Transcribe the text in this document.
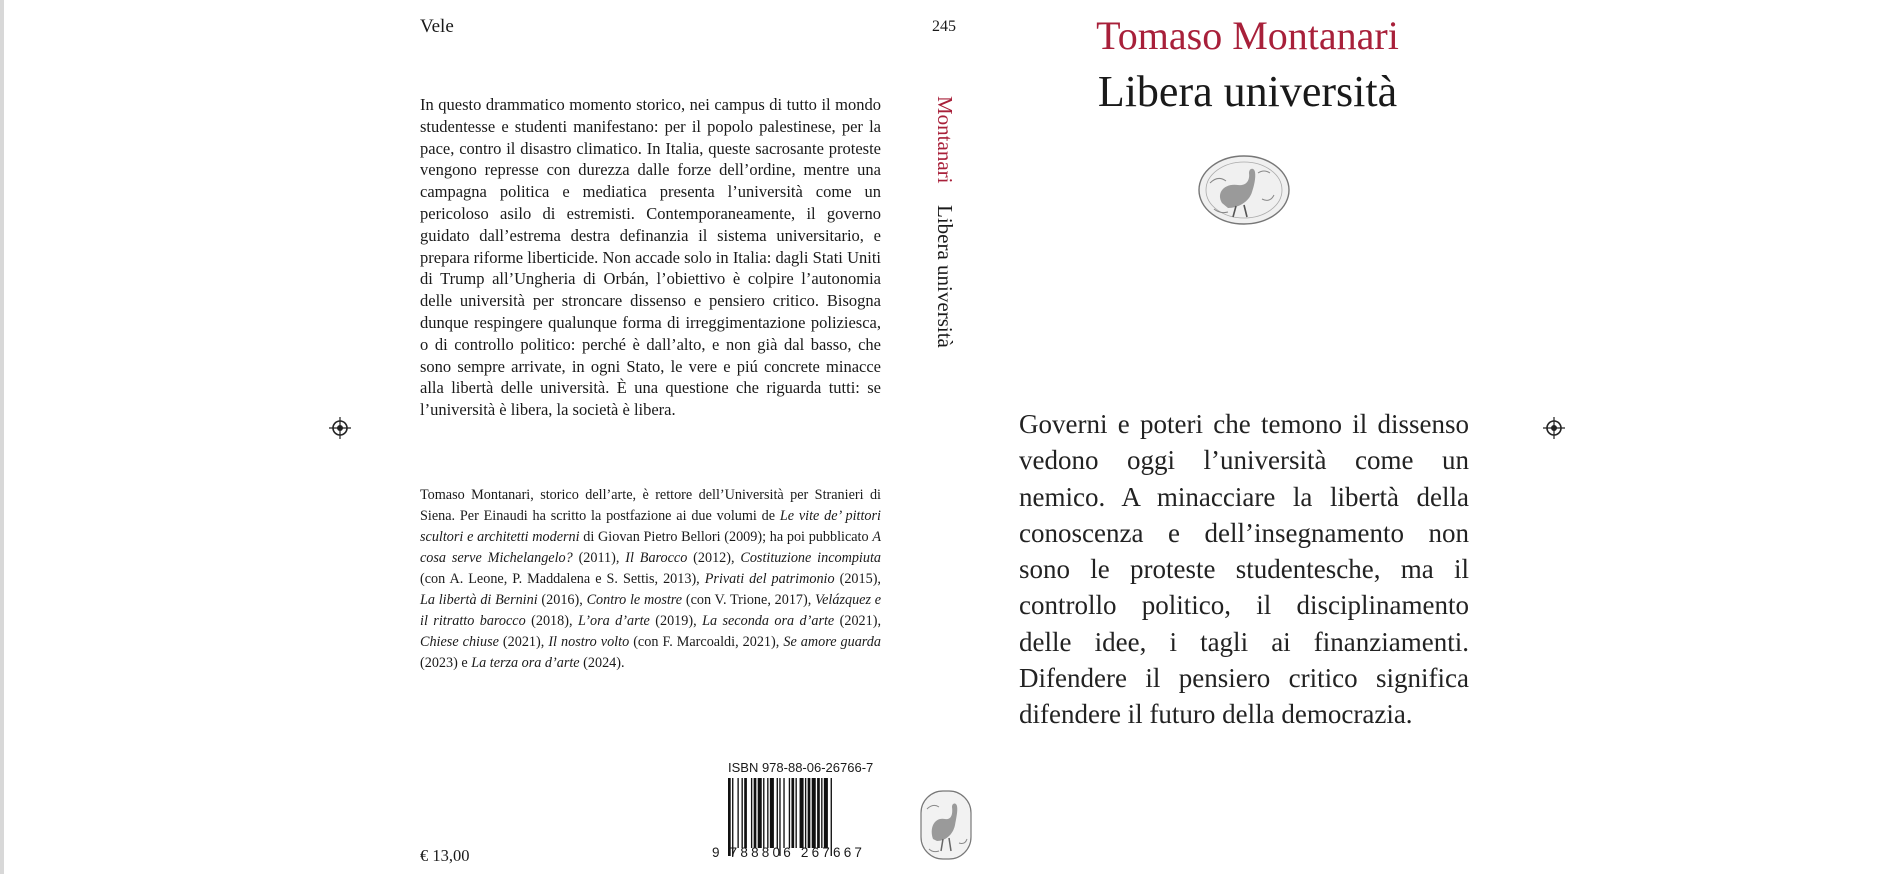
Vele	245

In questo drammatico momento storico, nei campus di tutto il mondo studentesse e studenti manifestano: per il popolo palestinese, per la pace, contro il disastro climatico. In Italia, queste sacrosante proteste vengono represse con durezza dalle forze dell’ordine, mentre una campagna politica e mediatica presenta l’università come un pericoloso asilo di estremisti. Contemporaneamente, il governo guidato dall’estrema destra definanzia il sistema universitario, e prepara riforme liberticide. Non accade solo in Italia: dagli Stati Uniti di Trump all’Ungheria di Orbán, l’obiettivo è colpire l’autonomia delle università per stroncare dissenso e pensiero critico. Bisogna dunque respingere qualunque forma di irreggimentazione poliziesca, o di controllo politico: perché è dall’alto, e non già dal basso, che sono sempre arrivate, in ogni Stato, le vere e piú concrete minacce alla libertà delle università. È una questione che riguarda tutti: se l’università è libera, la società è libera.

Tomaso Montanari, storico dell’arte, è rettore dell’Università per Stranieri di Siena. Per Einaudi ha scritto la postfazione ai due volumi de Le vite de’ pittori scultori e architetti moderni di Giovan Pietro Bellori (2009); ha poi pubblicato A cosa serve Michelangelo? (2011), Il Barocco (2012), Costituzione incompiuta (con A. Leone, P. Maddalena e S. Settis, 2013), Privati del patrimonio (2015), La libertà di Bernini (2016), Contro le mostre (con V. Trione, 2017), Velázquez e il ritratto barocco (2018), L’ora d’arte (2019), La seconda ora d’arte (2021), Chiese chiuse (2021), Il nostro volto (con F. Marcoaldi, 2021), Se amore guarda (2023) e La terza ora d’arte (2024).

ISBN 978-88-06-26766-7
9 788806 267667
€ 13,00
MontanariLibera università
Tomaso Montanari
Libera università

Governi e poteri che temono il dissenso vedono oggi l’università come un nemico. A minacciare la libertà della conoscenza e dell’insegnamento non sono le proteste studentesche, ma il controllo politico, il disciplinamento delle idee, i tagli ai finanziamenti. Difendere il pensiero critico significa difendere il futuro della democrazia.
